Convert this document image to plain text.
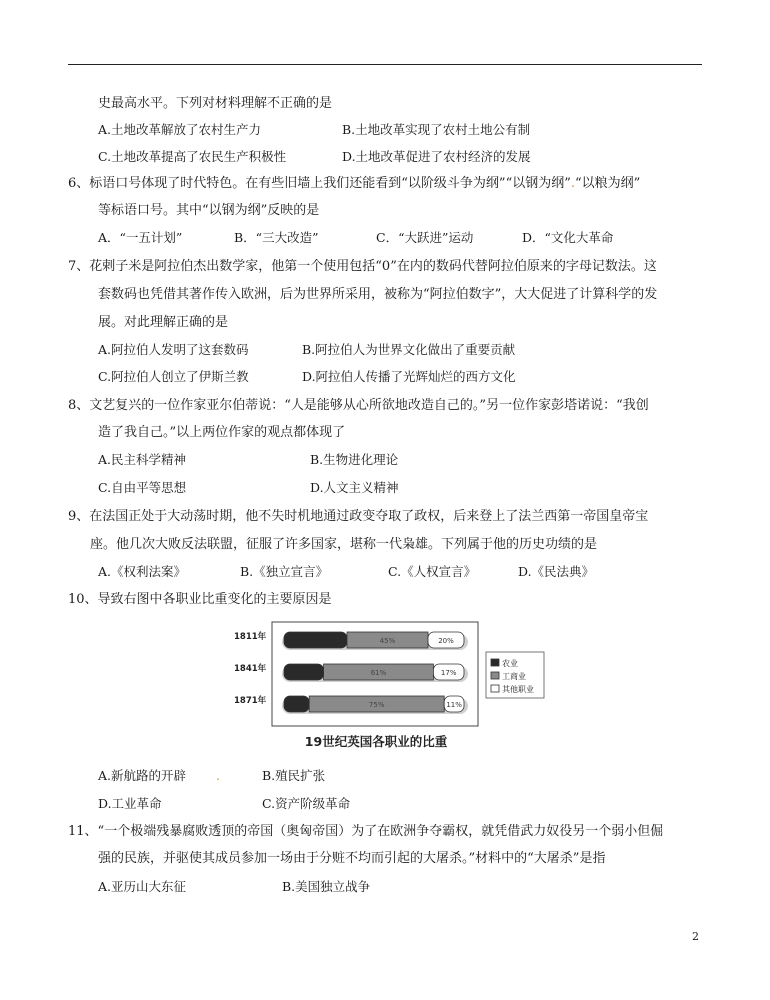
史最高水平。下列对材料理解不正确的是
A.土地改革解放了农村生产力	B.土地改革实现了农村土地公有制
C.土地改革提高了农民生产积极性	D.土地改革促进了农村经济的发展
6、标语口号体现了时代特色。在有些旧墙上我们还能看到“以阶级斗争为纲”“以钢为纲”.“以粮为纲”
等标语口号。其中“以钢为纲”反映的是
A．“一五计划”	B．“三大改造”	C．“大跃进”运动	D．“文化大革命
7、花剌子米是阿拉伯杰出数学家，他第一个使用包括“0”在内的数码代替阿拉伯原来的字母记数法。这
套数码也凭借其著作传入欧洲，后为世界所采用，被称为“阿拉伯数字”，大大促进了计算科学的发
展。对此理解正确的是
A.阿拉伯人发明了这套数码	B.阿拉伯人为世界文化做出了重要贡献
C.阿拉伯人创立了伊斯兰教	D.阿拉伯人传播了光辉灿烂的西方文化
8、文艺复兴的一位作家亚尔伯蒂说：“人是能够从心所欲地改造自己的。”另一位作家彭塔诺说：“我创
造了我自己。”以上两位作家的观点都体现了
A.民主科学精神	B.生物进化理论
C.自由平等思想	D.人文主义精神
9、在法国正处于大动荡时期，他不失时机地通过政变夺取了政权，后来登上了法兰西第一帝国皇帝宝
座。他几次大败反法联盟，征服了许多国家，堪称一代枭雄。下列属于他的历史功绩的是
A.《权利法案》	B.《独立宣言》	C.《人权宣言》	D.《民法典》
10、导致右图中各职业比重变化的主要原因是
1811年	45%	20%
1841年	61%	17%
1871年	75%	11%
农业
工商业
其他职业
19世纪英国各职业的比重
A.新航路的开辟 .	B.殖民扩张
D.工业革命	C.资产阶级革命
11、“一个极端残暴腐败透顶的帝国（奥匈帝国）为了在欧洲争夺霸权，就凭借武力奴役另一个弱小但倔
强的民族，并驱使其成员参加一场由于分赃不均而引起的大屠杀。”材料中的“大屠杀”是指
A.亚历山大东征	B.美国独立战争
2
